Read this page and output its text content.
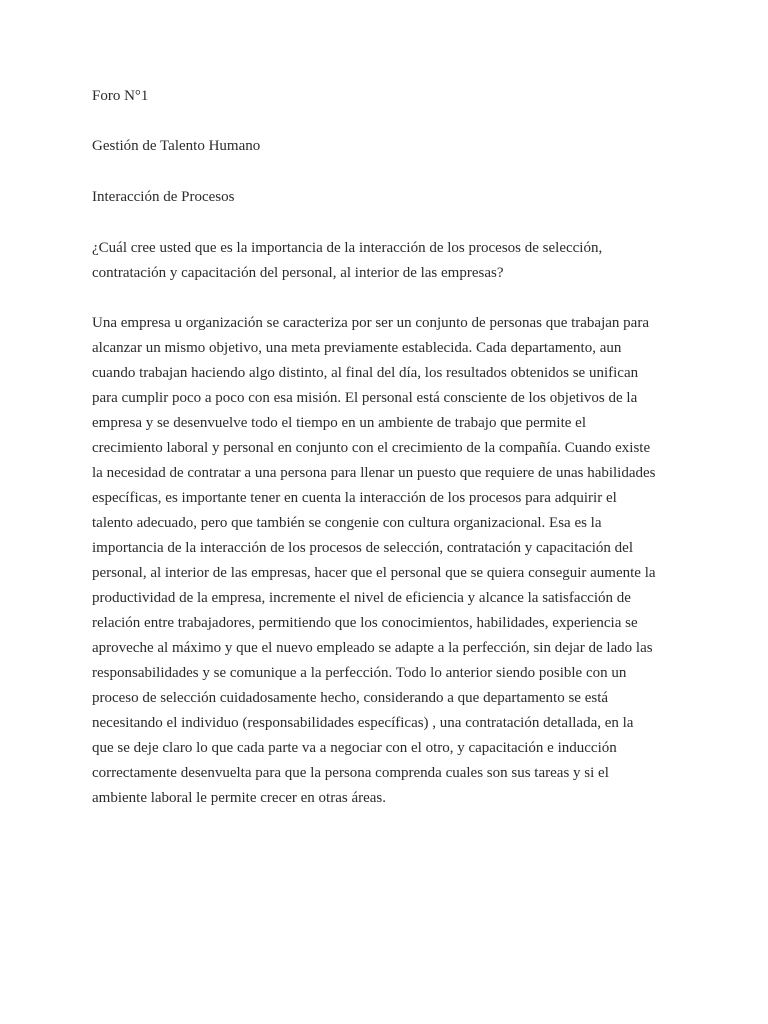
Foro N°1
Gestión de Talento Humano
Interacción de Procesos

¿Cuál cree usted que es la importancia de la interacción de los procesos de selección,
contratación y capacitación del personal, al interior de las empresas?

Una empresa u organización se caracteriza por ser un conjunto de personas que trabajan para
alcanzar un mismo objetivo, una meta previamente establecida. Cada departamento, aun
cuando trabajan haciendo algo distinto, al final del día, los resultados obtenidos se unifican
para cumplir poco a poco con esa misión. El personal está consciente de los objetivos de la
empresa y se desenvuelve todo el tiempo en un ambiente de trabajo que permite el
crecimiento laboral y personal en conjunto con el crecimiento de la compañía. Cuando existe
la necesidad de contratar a una persona para llenar un puesto que requiere de unas habilidades
específicas, es importante tener en cuenta la interacción de los procesos para adquirir el
talento adecuado, pero que también se congenie con cultura organizacional. Esa es la
importancia de la interacción de los procesos de selección, contratación y capacitación del
personal, al interior de las empresas, hacer que el personal que se quiera conseguir aumente la
productividad de la empresa, incremente el nivel de eficiencia y alcance la satisfacción de
relación entre trabajadores, permitiendo que los conocimientos, habilidades, experiencia se
aproveche al máximo y que el nuevo empleado se adapte a la perfección, sin dejar de lado las
responsabilidades y se comunique a la perfección. Todo lo anterior siendo posible con un
proceso de selección cuidadosamente hecho, considerando a que departamento se está
necesitando el individuo (responsabilidades específicas) , una contratación detallada, en la
que se deje claro lo que cada parte va a negociar con el otro, y capacitación e inducción
correctamente desenvuelta para que la persona comprenda cuales son sus tareas y si el
ambiente laboral le permite crecer en otras áreas.
